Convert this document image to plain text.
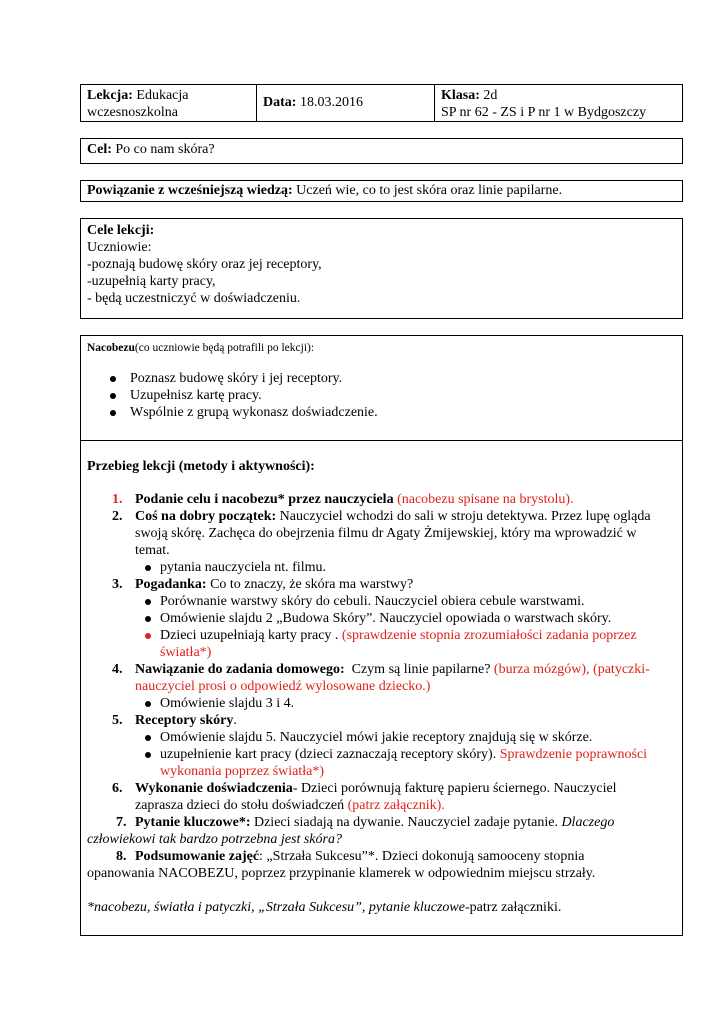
Lekcja: Edukacja
wczesnoszkolna
Data: 18.03.2016	Klasa: 2d
SP nr 62 - ZS i P nr 1 w Bydgoszczy
Cel: Po co nam skóra?
Powiązanie z wcześniejszą wiedzą: Uczeń wie, co to jest skóra oraz linie papilarne.
Cele lekcji:
Uczniowie:
-poznają budowę skóry oraz jej receptory,
-uzupełnią karty pracy,
- będą uczestniczyć w doświadczeniu.
Nacobezu(co uczniowie będą potrafili po lekcji):
Poznasz budowę skóry i jej receptory.
Uzupełnisz kartę pracy.
Wspólnie z grupą wykonasz doświadczenie.
Przebieg lekcji (metody i aktywności):
1. Podanie celu i nacobezu* przez nauczyciela (nacobezu spisane na brystolu).
2. Coś na dobry początek: Nauczyciel wchodzi do sali w stroju detektywa. Przez lupę ogląda
swoją skórę. Zachęca do obejrzenia filmu dr Agaty Żmijewskiej, który ma wprowadzić w
temat.
pytania nauczyciela nt. filmu.
3. Pogadanka: Co to znaczy, że skóra ma warstwy?
Porównanie warstwy skóry do cebuli. Nauczyciel obiera cebule warstwami.
Omówienie slajdu 2 „Budowa Skóry”. Nauczyciel opowiada o warstwach skóry.
Dzieci uzupełniają karty pracy . (sprawdzenie stopnia zrozumiałości zadania poprzez
światła*)
4. Nawiązanie do zadania domowego: Czym są linie papilarne? (burza mózgów), (patyczki-
nauczyciel prosi o odpowiedź wylosowane dziecko.)
Omówienie slajdu 3 i 4.
5. Receptory skóry.
Omówienie slajdu 5. Nauczyciel mówi jakie receptory znajdują się w skórze.
uzupełnienie kart pracy (dzieci zaznaczają receptory skóry). Sprawdzenie poprawności
wykonania poprzez światła*)
6. Wykonanie doświadczenia- Dzieci porównują fakturę papieru ściernego. Nauczyciel
zaprasza dzieci do stołu doświadczeń (patrz załącznik).
7. Pytanie kluczowe*: Dzieci siadają na dywanie. Nauczyciel zadaje pytanie. Dlaczego
człowiekowi tak bardzo potrzebna jest skóra?
8. Podsumowanie zajęć: „Strzała Sukcesu”*. Dzieci dokonują samooceny stopnia
opanowania NACOBEZU, poprzez przypinanie klamerek w odpowiednim miejscu strzały.
*nacobezu, światła i patyczki, „Strzała Sukcesu”, pytanie kluczowe-patrz załączniki.
